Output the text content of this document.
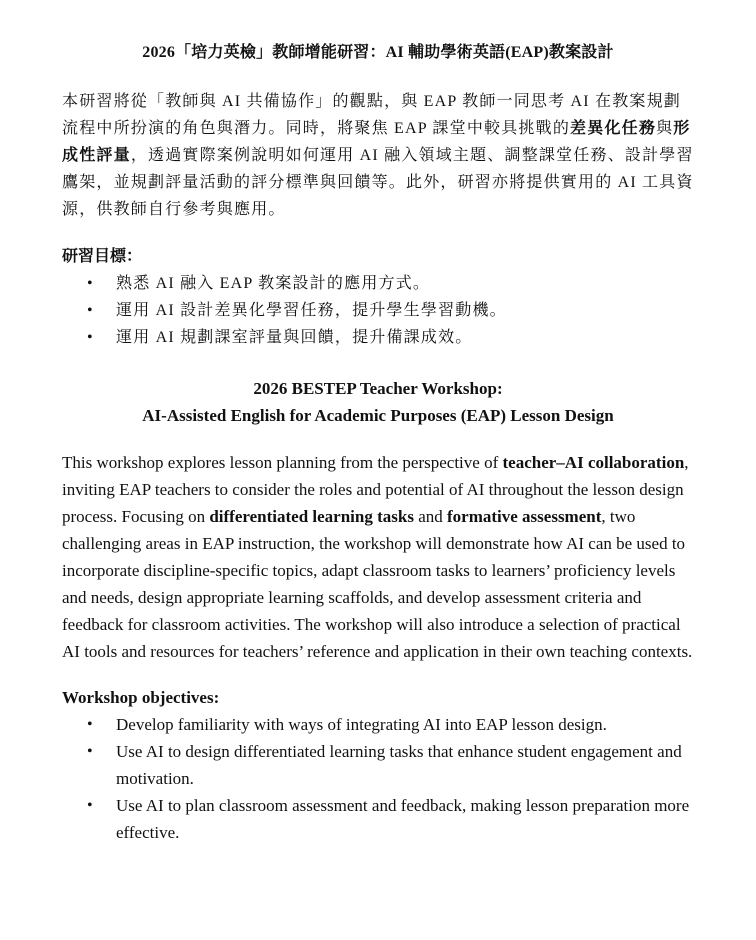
2026「培力英檢」教師增能研習：AI 輔助學術英語(EAP)教案設計

本研習將從「教師與 AI 共備協作」的觀點，與 EAP 教師一同思考 AI 在教案規劃流程中所扮演的角色與潛力。同時，將聚焦 EAP 課堂中較具挑戰的差異化任務與形成性評量，透過實際案例說明如何運用 AI 融入領域主題、調整課堂任務、設計學習鷹架，並規劃評量活動的評分標準與回饋等。此外，研習亦將提供實用的 AI 工具資源，供教師自行參考與應用。

研習目標：

• 熟悉 AI 融入 EAP 教案設計的應用方式。
• 運用 AI 設計差異化學習任務，提升學生學習動機。
• 運用 AI 規劃課室評量與回饋，提升備課成效。
2026 BESTEP Teacher Workshop:
AI-Assisted English for Academic Purposes (EAP) Lesson Design

This workshop explores lesson planning from the perspective of teacher–AI collaboration, inviting EAP teachers to consider the roles and potential of AI throughout the lesson design process. Focusing on differentiated learning tasks and formative assessment, two challenging areas in EAP instruction, the workshop will demonstrate how AI can be used to incorporate discipline-specific topics, adapt classroom tasks to learners’ proficiency levels and needs, design appropriate learning scaffolds, and develop assessment criteria and feedback for classroom activities. The workshop will also introduce a selection of practical AI tools and resources for teachers’ reference and application in their own teaching contexts.

Workshop objectives:

• Develop familiarity with ways of integrating AI into EAP lesson design.
• Use AI to design differentiated learning tasks that enhance student engagement and motivation.
• Use AI to plan classroom assessment and feedback, making lesson preparation more effective.
